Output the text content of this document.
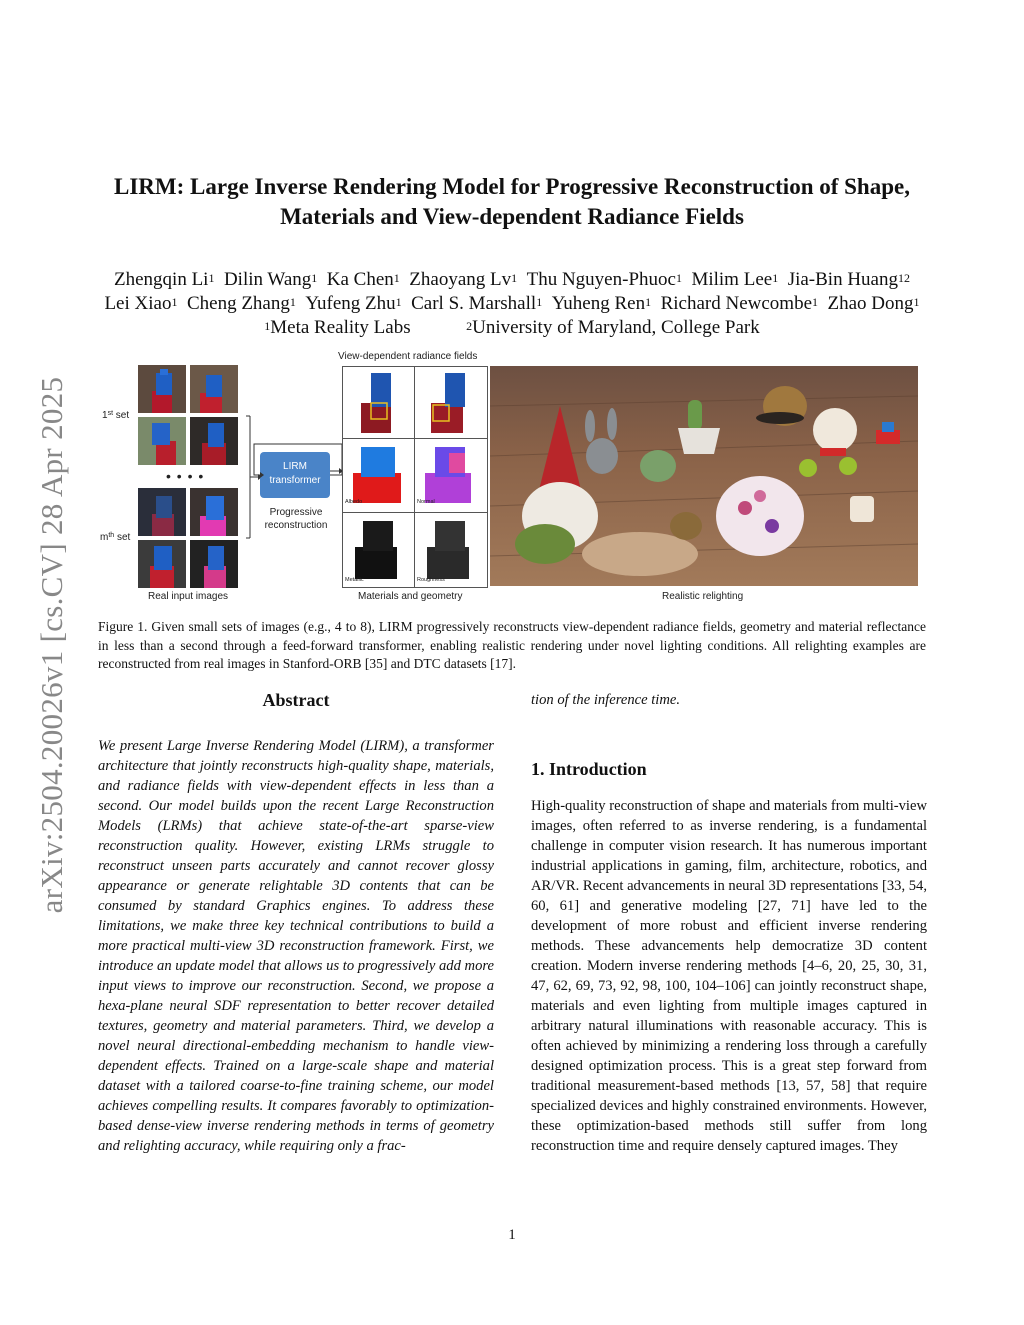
arXiv:2504.20026v1 [cs.CV] 28 Apr 2025
LIRM: Large Inverse Rendering Model for Progressive Reconstruction of Shape,
Materials and View-dependent Radiance Fields
Zhengqin Li$^1$  Dilin Wang$^1$  Ka Chen$^1$  Zhaoyang Lv$^1$  Thu Nguyen-Phuoc$^1$  Milim Lee$^1$  Jia-Bin Huang$^{12}$
Lei Xiao$^1$  Cheng Zhang$^1$  Yufeng Zhu$^1$  Carl S. Marshall$^1$  Yuheng Ren$^1$  Richard Newcombe$^1$  Zhao Dong$^1$
$^1$Meta Reality Labs	$^2$University of Maryland, College Park
1st set
$m^{th}$ set
• • • •
LIRM
transformer
Progressive
reconstruction
View-dependent radiance fields
Albedo	Normal
Metallic	Roughness
Real input images	Materials and geometry	Realistic relighting
Figure 1. Given small sets of images (e.g., 4 to 8), LIRM progressively reconstructs view-dependent radiance fields, geometry and material reflectance in less than a second through a feed-forward transformer, enabling realistic rendering under novel lighting conditions. All relighting examples are reconstructed from real images in Stanford-ORB [35] and DTC datasets [17].
Abstract
We present Large Inverse Rendering Model (LIRM), a transformer architecture that jointly reconstructs high-quality shape, materials, and radiance fields with view-dependent effects in less than a second. Our model builds upon the recent Large Reconstruction Models (LRMs) that achieve state-of-the-art sparse-view reconstruction quality. However, existing LRMs struggle to reconstruct unseen parts accurately and cannot recover glossy appearance or generate relightable 3D contents that can be consumed by standard Graphics engines. To address these limitations, we make three key technical contributions to build a more practical multi-view 3D reconstruction framework. First, we introduce an update model that allows us to progressively add more input views to improve our reconstruction. Second, we propose a hexa-plane neural SDF representation to better recover detailed textures, geometry and material parameters. Third, we develop a novel neural directional-embedding mechanism to handle view-dependent effects. Trained on a large-scale shape and material dataset with a tailored coarse-to-fine training scheme, our model achieves compelling results. It compares favorably to optimization-based dense-view inverse rendering methods in terms of geometry and relighting accuracy, while requiring only a frac-
tion of the inference time.
1. Introduction
High-quality reconstruction of shape and materials from multi-view images, often referred to as inverse rendering, is a fundamental challenge in computer vision research. It has numerous important industrial applications in gaming, film, architecture, robotics, and AR/VR. Recent advancements in neural 3D representations [33, 54, 60, 61] and generative modeling [27, 71] have led to the development of more robust and efficient inverse rendering methods. These advancements help democratize 3D content creation. Modern inverse rendering methods [4–6, 20, 25, 30, 31, 47, 62, 69, 73, 92, 98, 100, 104–106] can jointly reconstruct shape, materials and even lighting from multiple images captured in arbitrary natural illuminations with reasonable accuracy. This is often achieved by minimizing a rendering loss through a carefully designed optimization process. This is a great step forward from traditional measurement-based methods [13, 57, 58] that require specialized devices and highly constrained environments. However, these optimization-based methods still suffer from long reconstruction time and require densely captured images. They
1
